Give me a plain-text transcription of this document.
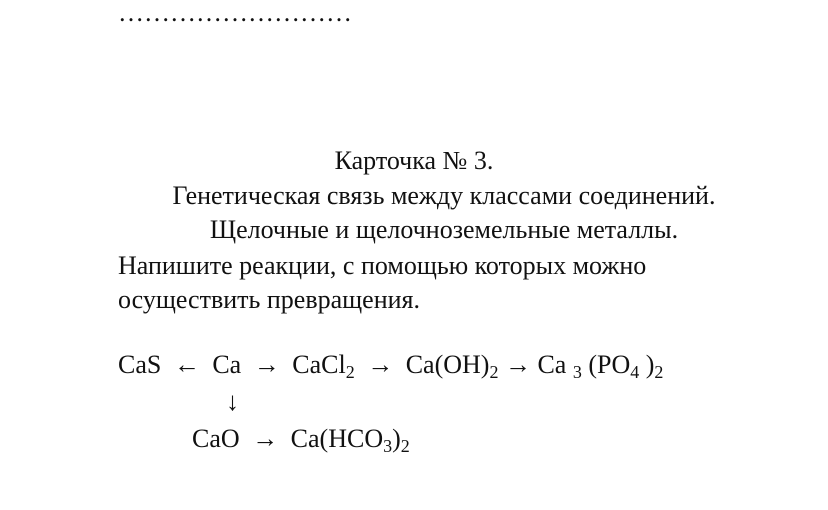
………………………
Карточка № 3.
Генетическая связь между классами соединений.
Щелочные и щелочноземельные металлы.
Напишите реакции, с помощью которых можно
осуществить превращения.
CaS ← Ca → CaCl$_2$ → $Ca(OH)_2 \to Ca$ $_3$ ($PO_4$ )$_2$
↓
CaO → $Ca(HCO_3)_2$
